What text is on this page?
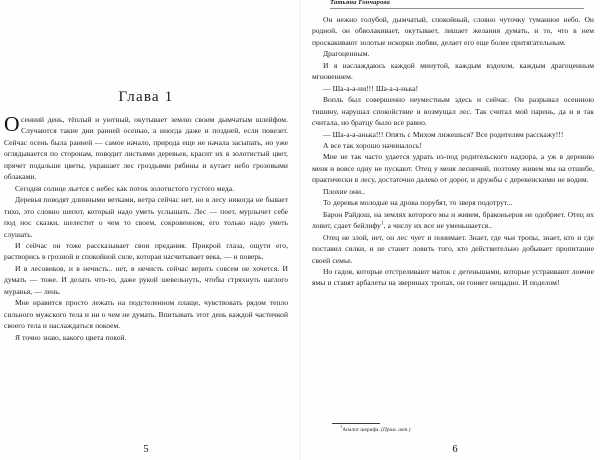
Глава 1

Осенний день, тёплый и уютный, окутывает землю своим дымчатым шлейфом. Случаются такие дни ранней осенью, а иногда даже и поздней, если повезет. Сейчас осень была ранней — самое начало, природа еще не начала засыпать, но уже оглядывается по сторонам, поводит листьями деревьев, красит их в золотистый цвет, прячет подальше цветы, украшает лес гроздьями рябины и кутает небо грозовыми облаками.

Сегодня солнце льется с небес как поток золотистого густого меда.

Деревья поводят длинными ветками, ветра сейчас нет, но в лесу никогда не бывает тихо, это словно шепот, который надо уметь услышать. Лес — поет, мурлычет себе под нос сказки, шелестит о чем то своем, сокровенном, его только надо уметь слушать.

И сейчас он тоже рассказывает свои предания. Прикрой глаза, ощути его, растворись в грозной и спокойной силе, которая насчитывает века, — и поверь.

И в лесовиков, и в нечисть.. нет, в нечисть сейчас верить совсем не хочется. И думать — тоже. И делать что-то, даже рукой шевельнуть, чтобы стряхнуть наглого муравья, — лень.

Мне нравится просто лежать на подстеленном плаще, чувствовать рядом тепло сильного мужского тела и ни о чем не думать. Впитывать этот день каждой частичкой своего тела и наслаждаться покоем.

Я точно знаю, какого цвета покой.

5
Татьяна Гончарова

Он нежно голубой, дымчатый, спокойный, словно чуточку туманное небо. Он родной, он обволакивает, окутывает, лишает желания думать, и то, что в нем проскакивают золотые искорки любви, делает его еще более притягательным.

Драгоценным.

И я наслаждаюсь каждой минутой, каждым вздохом, каждым драгоценным мгновением.

— Ша-а-а-ни!!! Ша-а-а-нька!

Вопль был совершенно неуместным здесь и сейчас. Он разрывал осеннюю тишину, нарушал спокойствие и возмущал лес. Так считал мой парень, да и я так считала, но братцу было все равно.

— Ша-а-а-анька!!! Опять с Михом лижешься? Все родителям расскажу!!!

А все так хорошо начиналось!

Мне не так часто удается удрать из-под родительского надзора, а уж в деревню меня и вовсе одну не пускают. Отец у меня лесничий, поэтому живем мы на отшибе, практически в лесу, достаточно далеко от дорог, и дружбы с деревенскими не водим.

Плохие они..

То деревья молодые на дрова порубят, то зверя подотрут...

Барон Райдош, на землях которого мы и живем, браконьеров не одобряет. Отец их ловит, сдает бейлифу$^1$, а числу их все не уменьшается..

Отец не злой, нет, он лес чует и понимает. Знает, где чьи тропы, знает, кто и где поставил силки, и не станет ловить того, кто действительно добывает пропитание своей семье.

Но гадов, которые отстреливают маток с детенышами, которые устраивают ловчие ямы и ставят арбалеты на звериных тропах, он гоняет нещадно. И поделом!

$^1$Аналог шерифа. (Прим. авт.)
6
